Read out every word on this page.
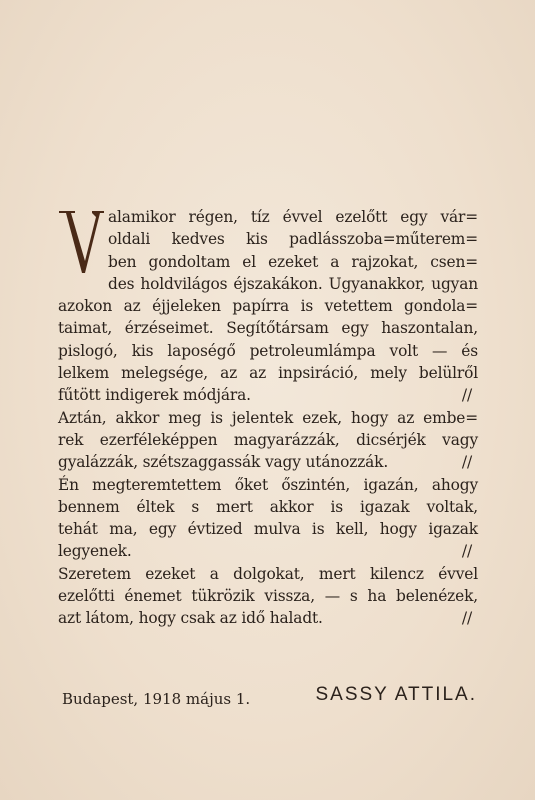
alamikor régen, tíz évvel ezelőtt egy vár=
oldali kedves kis padlásszoba=műterem=
ben gondoltam el ezeket a rajzokat, csen=
des holdvilágos éjszakákon. Ugyanakkor, ugyan
azokon az éjjeleken papírra is vetettem gondola=
taimat, érzéseimet. Segítőtársam egy haszontalan,
pislogó, kis laposégő petroleumlámpa volt — és
lelkem melegsége, az az inpsiráció, mely belülről
fűtött indigerek módjára.	//
Aztán, akkor meg is jelentek ezek, hogy az embe=
rek ezerféleképpen magyarázzák, dicsérjék vagy
gyalázzák, szétszaggassák vagy utánozzák.	//
Én megteremtettem őket őszintén, igazán, ahogy
bennem éltek s mert akkor is igazak voltak,
tehát ma, egy évtized mulva is kell, hogy igazak
legyenek.	//
Szeretem ezeket a dolgokat, mert kilencz évvel
ezelőtti énemet tükrözik vissza, — s ha belenézek,
azt látom, hogy csak az idő haladt.	//
Budapest, 1918 május 1.	SASSY ATTILA.
